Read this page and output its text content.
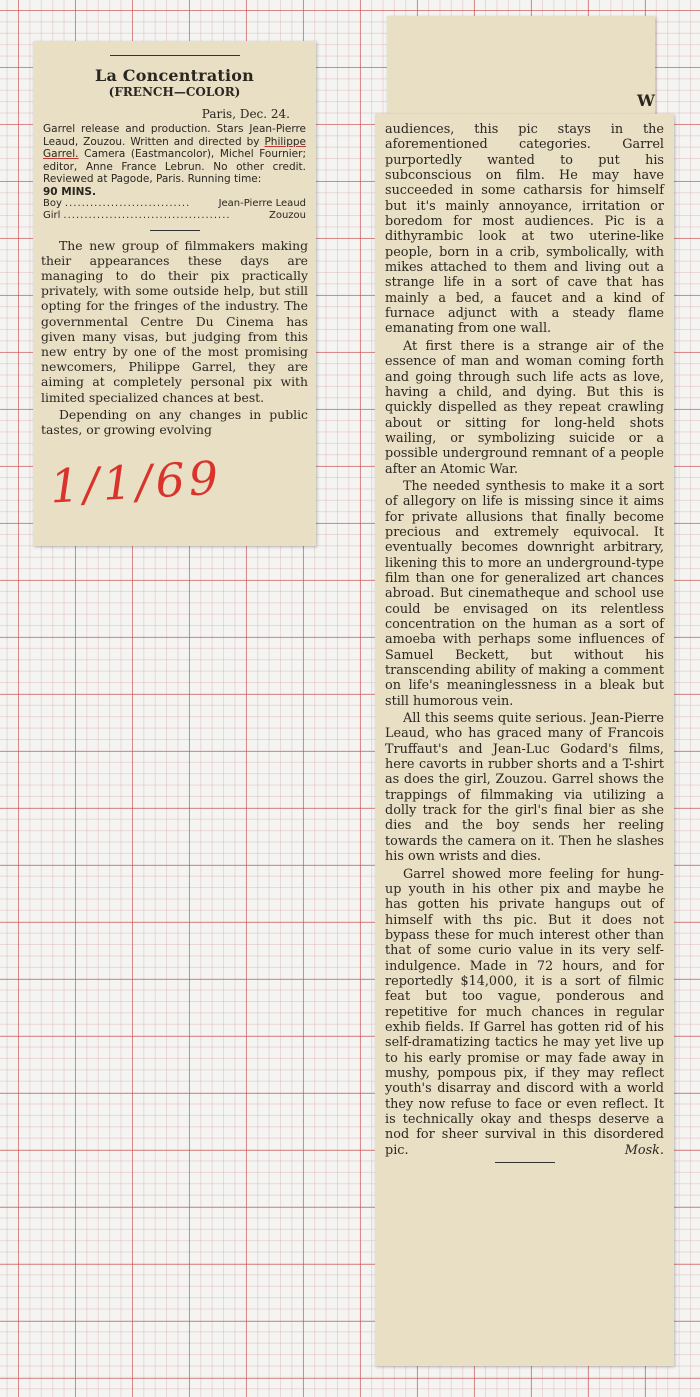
La Concentration
(FRENCH—COLOR)
Paris, Dec. 24.
Garrel release and production. Stars Jean-Pierre Leaud, Zouzou. Written and directed by Philippe Garrel. Camera (Eastmancolor), Michel Fournier; editor, Anne France Lebrun. No other credit. Reviewed at Pagode, Paris. Running time:
90 MINS.
Boy ..............................	Jean-Pierre Leaud
Girl ........................................	Zouzou

The new group of filmmakers making their appearances these days are managing to do their pix practically privately, with some outside help, but still opting for the fringes of the industry. The governmental Centre Du Cinema has given many visas, but judging from this new entry by one of the most promising newcomers, Philippe Garrel, they are aiming at completely personal pix with limited specialized chances at best.

Depending on any changes in public tastes, or growing evolving

1/1/69
W

audiences, this pic stays in the aforementioned categories. Garrel purportedly wanted to put his subconscious on film. He may have succeeded in some catharsis for himself but it's mainly annoyance, irritation or boredom for most audiences. Pic is a dithyrambic look at two uterine-like people, born in a crib, symbolically, with mikes attached to them and living out a strange life in a sort of cave that has mainly a bed, a faucet and a kind of furnace adjunct with a steady flame emanating from one wall.

At first there is a strange air of the essence of man and woman coming forth and going through such life acts as love, having a child, and dying. But this is quickly dispelled as they repeat crawling about or sitting for long-held shots wailing, or symbolizing suicide or a possible underground remnant of a people after an Atomic War.

The needed synthesis to make it a sort of allegory on life is missing since it aims for private allusions that finally become precious and extremely equivocal. It eventually becomes downright arbitrary, likening this to more an underground-type film than one for generalized art chances abroad. But cinematheque and school use could be envisaged on its relentless concentration on the human as a sort of amoeba with perhaps some influences of Samuel Beckett, but without his transcending ability of making a comment on life's meaninglessness in a bleak but still humorous vein.

All this seems quite serious. Jean-Pierre Leaud, who has graced many of Francois Truffaut's and Jean-Luc Godard's films, here cavorts in rubber shorts and a T-shirt as does the girl, Zouzou. Garrel shows the trappings of filmmaking via utilizing a dolly track for the girl's final bier as she dies and the boy sends her reeling towards the camera on it. Then he slashes his own wrists and dies.

Garrel showed more feeling for hung-up youth in his other pix and maybe he has gotten his private hangups out of himself with ths pic. But it does not bypass these for much interest other than that of some curio value in its very self-indulgence. Made in 72 hours, and for reportedly $14,000, it is a sort of filmic feat but too vague, ponderous and repetitive for much chances in regular exhib fields. If Garrel has gotten rid of his self-dramatizing tactics he may yet live up to his early promise or may fade away in mushy, pompous pix, if they may reflect youth's disarray and discord with a world they now refuse to face or even reflect. It is technically okay and thesps deserve a nod for sheer survival in this disordered pic.	Mosk.
